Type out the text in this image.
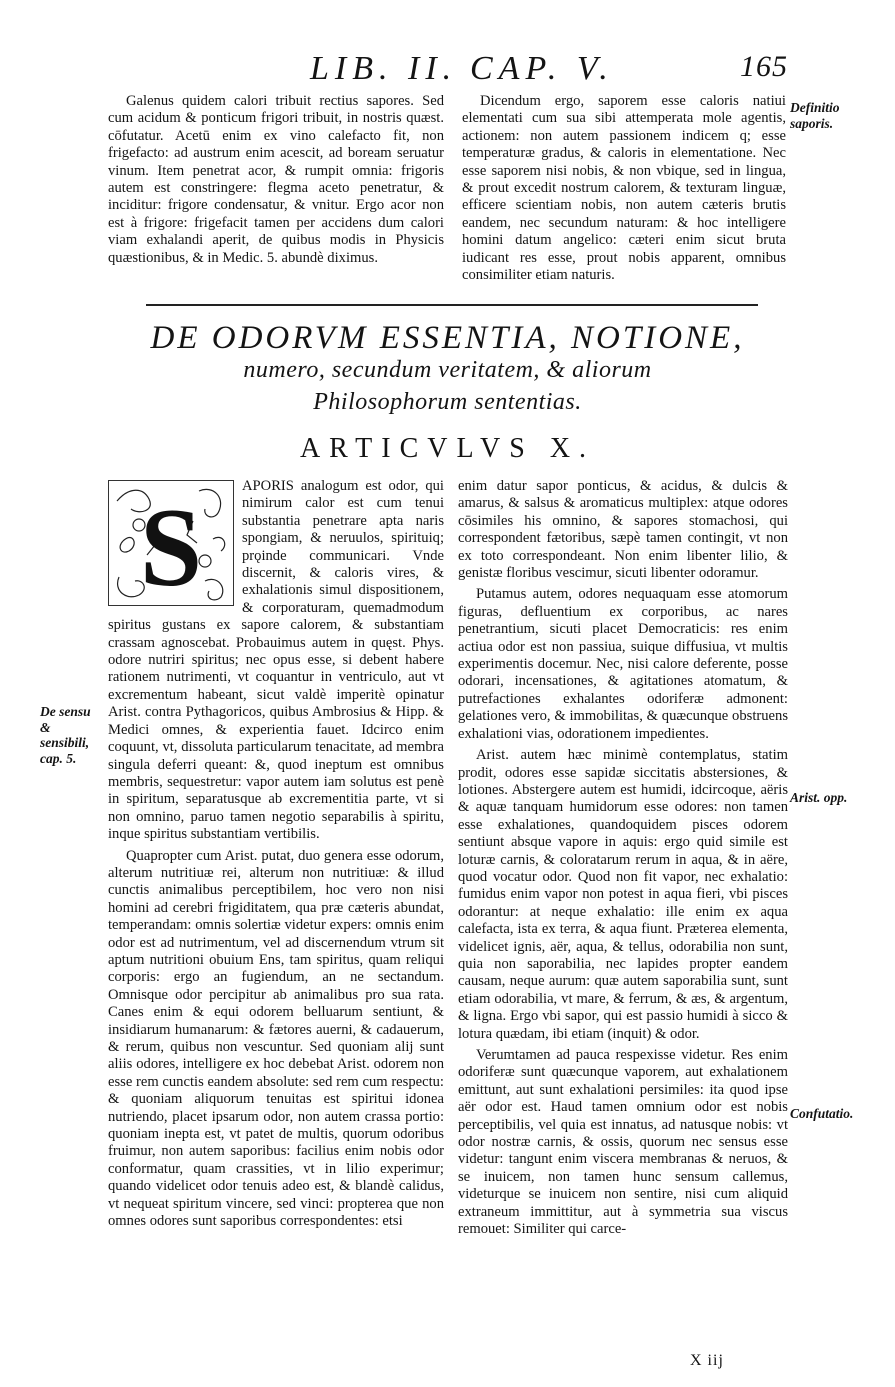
LIB. II. CAP. V.	165

Galenus quidem calori tribuit rectius sapores. Sed cum acidum & ponticum frigori tribuit, in nostris quæst. cōfutatur. Acetū enim ex vino calefacto fit, non frigefacto: ad austrum enim acescit, ad boream seruatur vinum. Item penetrat acor, & rumpit omnia: frigoris autem est constringere: flegma aceto penetratur, & inciditur: frigore condensatur, & vnitur. Ergo acor non est à frigore: frigefacit tamen per accidens dum calori viam exhalandi aperit, de quibus modis in Physicis quæstionibus, & in Medic. 5. abundè diximus.

Dicendum ergo, saporem esse caloris natiui elementati cum sua sibi attemperata mole agentis, actionem: non autem passionem indicem q; esse temperaturæ gradus, & caloris in elementatione. Nec esse saporem nisi nobis, & non vbique, sed in lingua, & prout excedit nostrum calorem, & texturam linguæ, efficere scientiam nobis, non autem cæteris brutis eandem, nec secundum naturam: & hoc intelligere homini datum angelico: cæteri enim sicut bruta iudicant res esse, prout nobis apparent, omnibus consimiliter etiam naturis.

DE ODORVM ESSENTIA, NOTIONE,
numero, secundum veritatem, & aliorum
Philosophorum sententias.
ARTICVLVS X.
S	APORIS analogum est odor, qui nimirum calor est cum tenui substantia penetrare apta naris spongiam, & neruulos, spirituiq; prǫinde communicari. Vnde discernit, & caloris vires, & exhalationis simul dispositionem, & corporaturam, quemadmodum spiritus gustans ex sapore calorem, & substantiam crassam agnoscebat. Probauimus autem in quęst. Phys. odore nutriri spiritus; nec opus esse, si debent habere rationem nutrimenti, vt coquantur in ventriculo, aut vt excrementum habeant, sicut valdè imperitè opinatur Arist. contra Pythagoricos, quibus Ambrosius & Hipp. & Medici omnes, & experientia fauet. Idcirco enim coquunt, vt, dissoluta particularum tenacitate, ad membra singula deferri queant: &, quod ineptum est omnibus membris, sequestretur: vapor autem iam solutus est penè in spiritum, separatusque ab excrementitia parte, vt si non omnino, paruo tamen negotio separabilis à spiritu, inque spiritus substantiam vertibilis.

Quapropter cum Arist. putat, duo genera esse odorum, alterum nutritiuæ rei, alterum non nutritiuæ: & illud cunctis animalibus perceptibilem, hoc vero non nisi homini ad cerebri frigiditatem, qua præ cæteris abundat, temperandam: omnis solertiæ videtur expers: omnis enim odor est ad nutrimentum, vel ad discernendum vtrum sit aptum nutritioni obuium Ens, tam spiritus, quam reliqui corporis: ergo an fugiendum, an ne sectandum. Omnisque odor percipitur ab animalibus pro sua rata. Canes enim & equi odorem belluarum sentiunt, & insidiarum humanarum: & fætores auerni, & cadauerum, & rerum, quibus non vescuntur. Sed quoniam alij sunt aliis odores, intelligere ex hoc debebat Arist. odorem non esse rem cunctis eandem absolute: sed rem cum respectu: & quoniam aliquorum tenuitas est spiritui idonea nutriendo, placet ipsarum odor, non autem crassa portio: quoniam inepta est, vt patet de multis, quorum odoribus fruimur, non autem saporibus: facilius enim nobis odor conformatur, quam crassities, vt in lilio experimur; quando videlicet odor tenuis adeo est, & blandè calidus, vt nequeat spiritum vincere, sed vinci: propterea que non omnes odores sunt saporibus correspondentes: etsi

enim datur sapor ponticus, & acidus, & dulcis & amarus, & salsus & aromaticus multiplex: atque odores cōsimiles his omnino, & sapores stomachosi, qui correspondent fætoribus, sæpè tamen contingit, vt non ex toto correspondeant. Non enim libenter lilio, & genistæ floribus vescimur, sicuti libenter odoramur.

Putamus autem, odores nequaquam esse atomorum figuras, defluentium ex corporibus, ac nares penetrantium, sicuti placet Democraticis: res enim actiua odor est non passiua, suique diffusiua, vt multis experimentis docemur. Nec, nisi calore deferente, posse odorari, incensationes, & agitationes atomatum, & putrefactiones exhalantes odoriferæ admonent: gelationes vero, & immobilitas, & quæcunque obstruens exhalationi vias, odorationem impedientes.

Arist. autem hæc minimè contemplatus, statim prodit, odores esse sapidæ siccitatis abstersiones, & lotiones. Abstergere autem est humidi, idcircoque, aëris & aquæ tanquam humidorum esse odores: non tamen esse exhalationes, quandoquidem pisces odorem sentiunt absque vapore in aquis: ergo quid simile est loturæ carnis, & coloratarum rerum in aqua, & in aëre, quod vocatur odor. Quod non fit vapor, nec exhalatio: fumidus enim vapor non potest in aqua fieri, vbi pisces odorantur: at neque exhalatio: ille enim ex aqua calefacta, ista ex terra, & aqua fiunt. Præterea elementa, videlicet ignis, aër, aqua, & tellus, odorabilia non sunt, quia non saporabilia, nec lapides propter eandem causam, neque aurum: quæ autem saporabilia sunt, sunt etiam odorabilia, vt mare, & ferrum, & æs, & argentum, & ligna. Ergo vbi sapor, qui est passio humidi à sicco & lotura quædam, ibi etiam (inquit) & odor.

Verumtamen ad pauca respexisse videtur. Res enim odoriferæ sunt quæcunque vaporem, aut exhalationem emittunt, aut sunt exhalationi persimiles: ita quod ipse aër odor est. Haud tamen omnium odor est nobis perceptibilis, vel quia est innatus, ad natusque nobis: vt odor nostræ carnis, & ossis, quorum nec sensus esse videtur: tangunt enim viscera membranas & neruos, & se inuicem, non tamen hunc sensum callemus, videturque se inuicem non sentire, nisi cum aliquid extraneum immittitur, aut à symmetria sua viscus remouet: Similiter qui carce-

Definitio saporis.
De sensu & sensibili, cap. 5.
Arist. opp.
Confutatio.
X iij
